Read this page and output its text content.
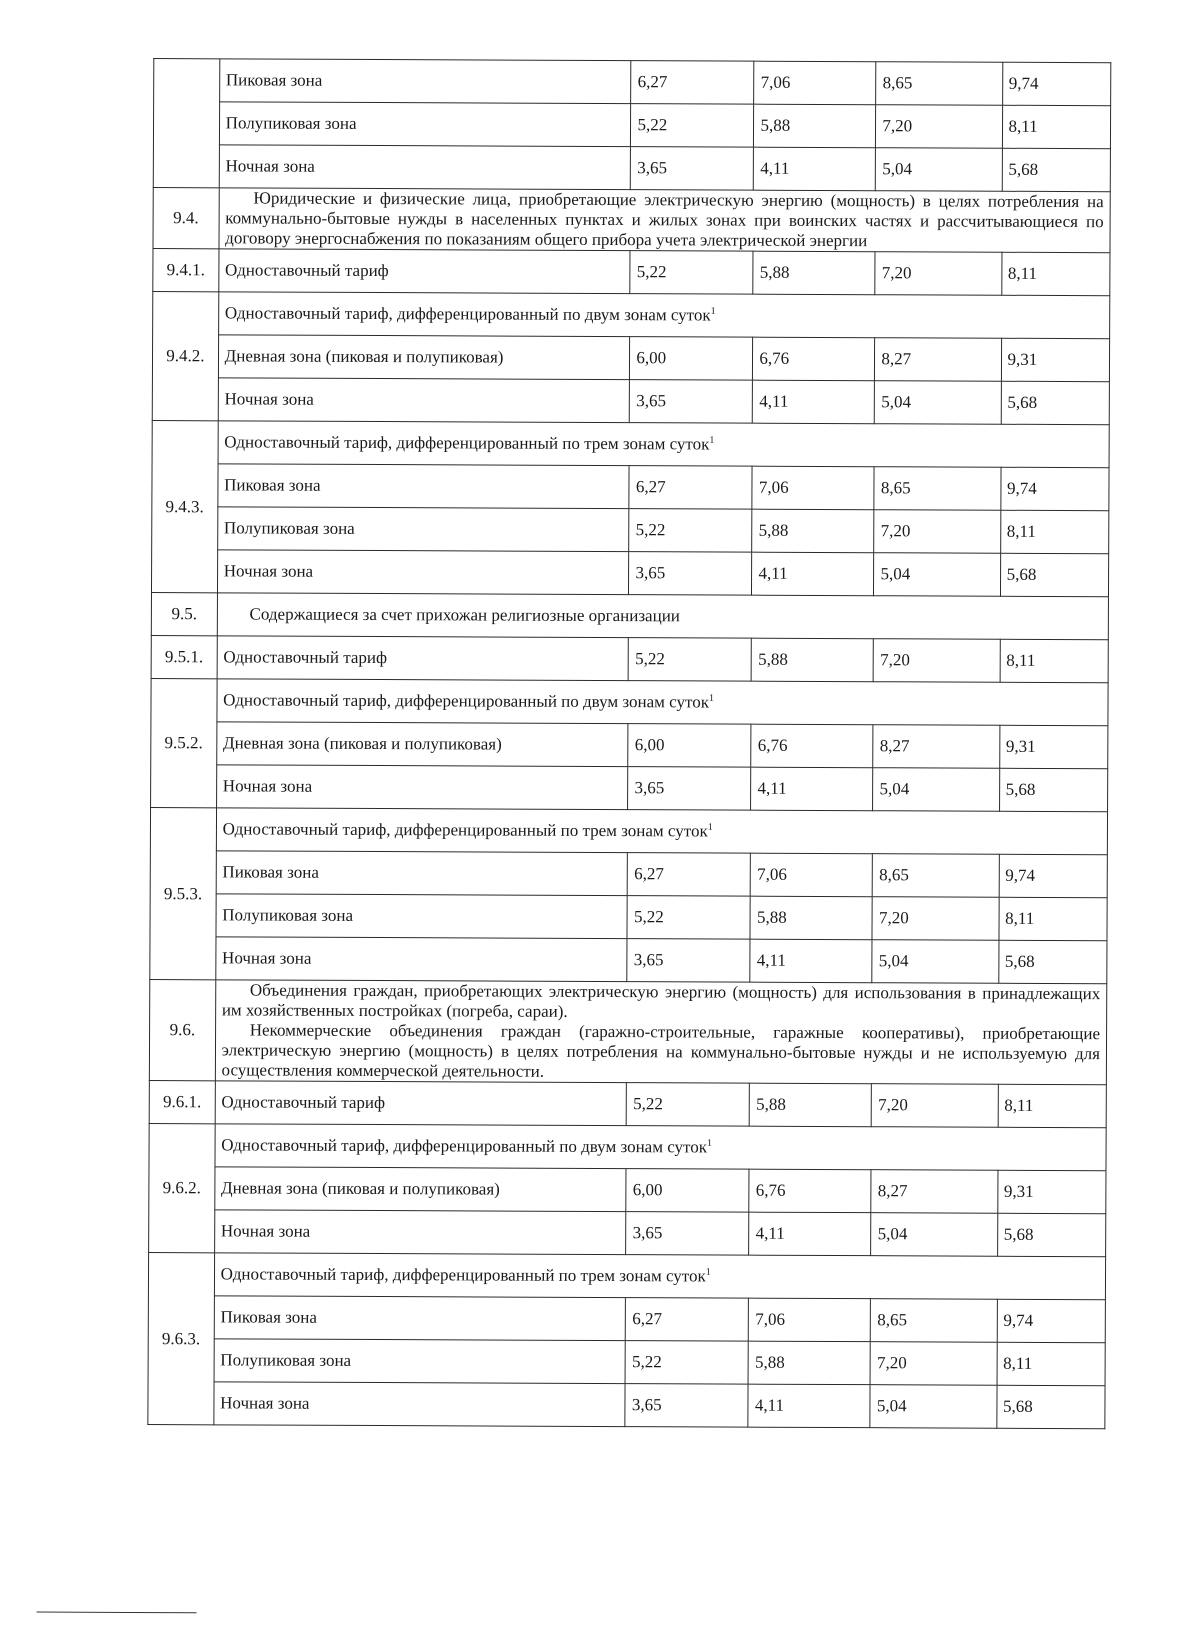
	Пиковая зона	6,27	7,06	8,65	9,74
	Полупиковая зона	5,22	5,88	7,20	8,11
	Ночная зона	3,65	4,11	5,04	5,68
9.4.	Юридические и физические лица, приобретающие электрическую энергию (мощность) в целях потребления на коммунально-бытовые нужды в населенных пунктах и жилых зонах при воинских частях и рассчитывающиеся по договору энергоснабжения по показаниям общего прибора учета электрической энергии				

9.4.1.	Одноставочный тариф	5,22	5,88	7,20	8,11
9.4.2.	Одноставочный тариф, дифференцированный по двум зонам суток$^1$
	Дневная зона (пиковая и полупиковая)	6,00	6,76	8,27	9,31
	Ночная зона	3,65	4,11	5,04	5,68
9.4.3.	Одноставочный тариф, дифференцированный по трем зонам суток$^1$
	Пиковая зона	6,27	7,06	8,65	9,74
	Полупиковая зона	5,22	5,88	7,20	8,11
	Ночная зона	3,65	4,11	5,04	5,68
9.5.	Содержащиеся за счет прихожан религиозные организации				

9.5.1.	Одноставочный тариф	5,22	5,88	7,20	8,11
9.5.2.	Одноставочный тариф, дифференцированный по двум зонам суток$^1$
	Дневная зона (пиковая и полупиковая)	6,00	6,76	8,27	9,31
	Ночная зона	3,65	4,11	5,04	5,68
9.5.3.	Одноставочный тариф, дифференцированный по трем зонам суток$^1$
	Пиковая зона	6,27	7,06	8,65	9,74
	Полупиковая зона	5,22	5,88	7,20	8,11
	Ночная зона	3,65	4,11	5,04	5,68
9.6.	Объединения граждан, приобретающих электрическую энергию (мощность) для использования в принадлежащих им хозяйственных постройках (погреба, сараи).

Некоммерческие объединения граждан (гаражно-строительные, гаражные кооперативы), приобретающие электрическую энергию (мощность) в целях потребления на коммунально-бытовые нужды и не используемую для осуществления коммерческой деятельности.				

9.6.1.	Одноставочный тариф	5,22	5,88	7,20	8,11
9.6.2.	Одноставочный тариф, дифференцированный по двум зонам суток$^1$
	Дневная зона (пиковая и полупиковая)	6,00	6,76	8,27	9,31
	Ночная зона	3,65	4,11	5,04	5,68
9.6.3.	Одноставочный тариф, дифференцированный по трем зонам суток$^1$
	Пиковая зона	6,27	7,06	8,65	9,74
	Полупиковая зона	5,22	5,88	7,20	8,11
	Ночная зона	3,65	4,11	5,04	5,68
